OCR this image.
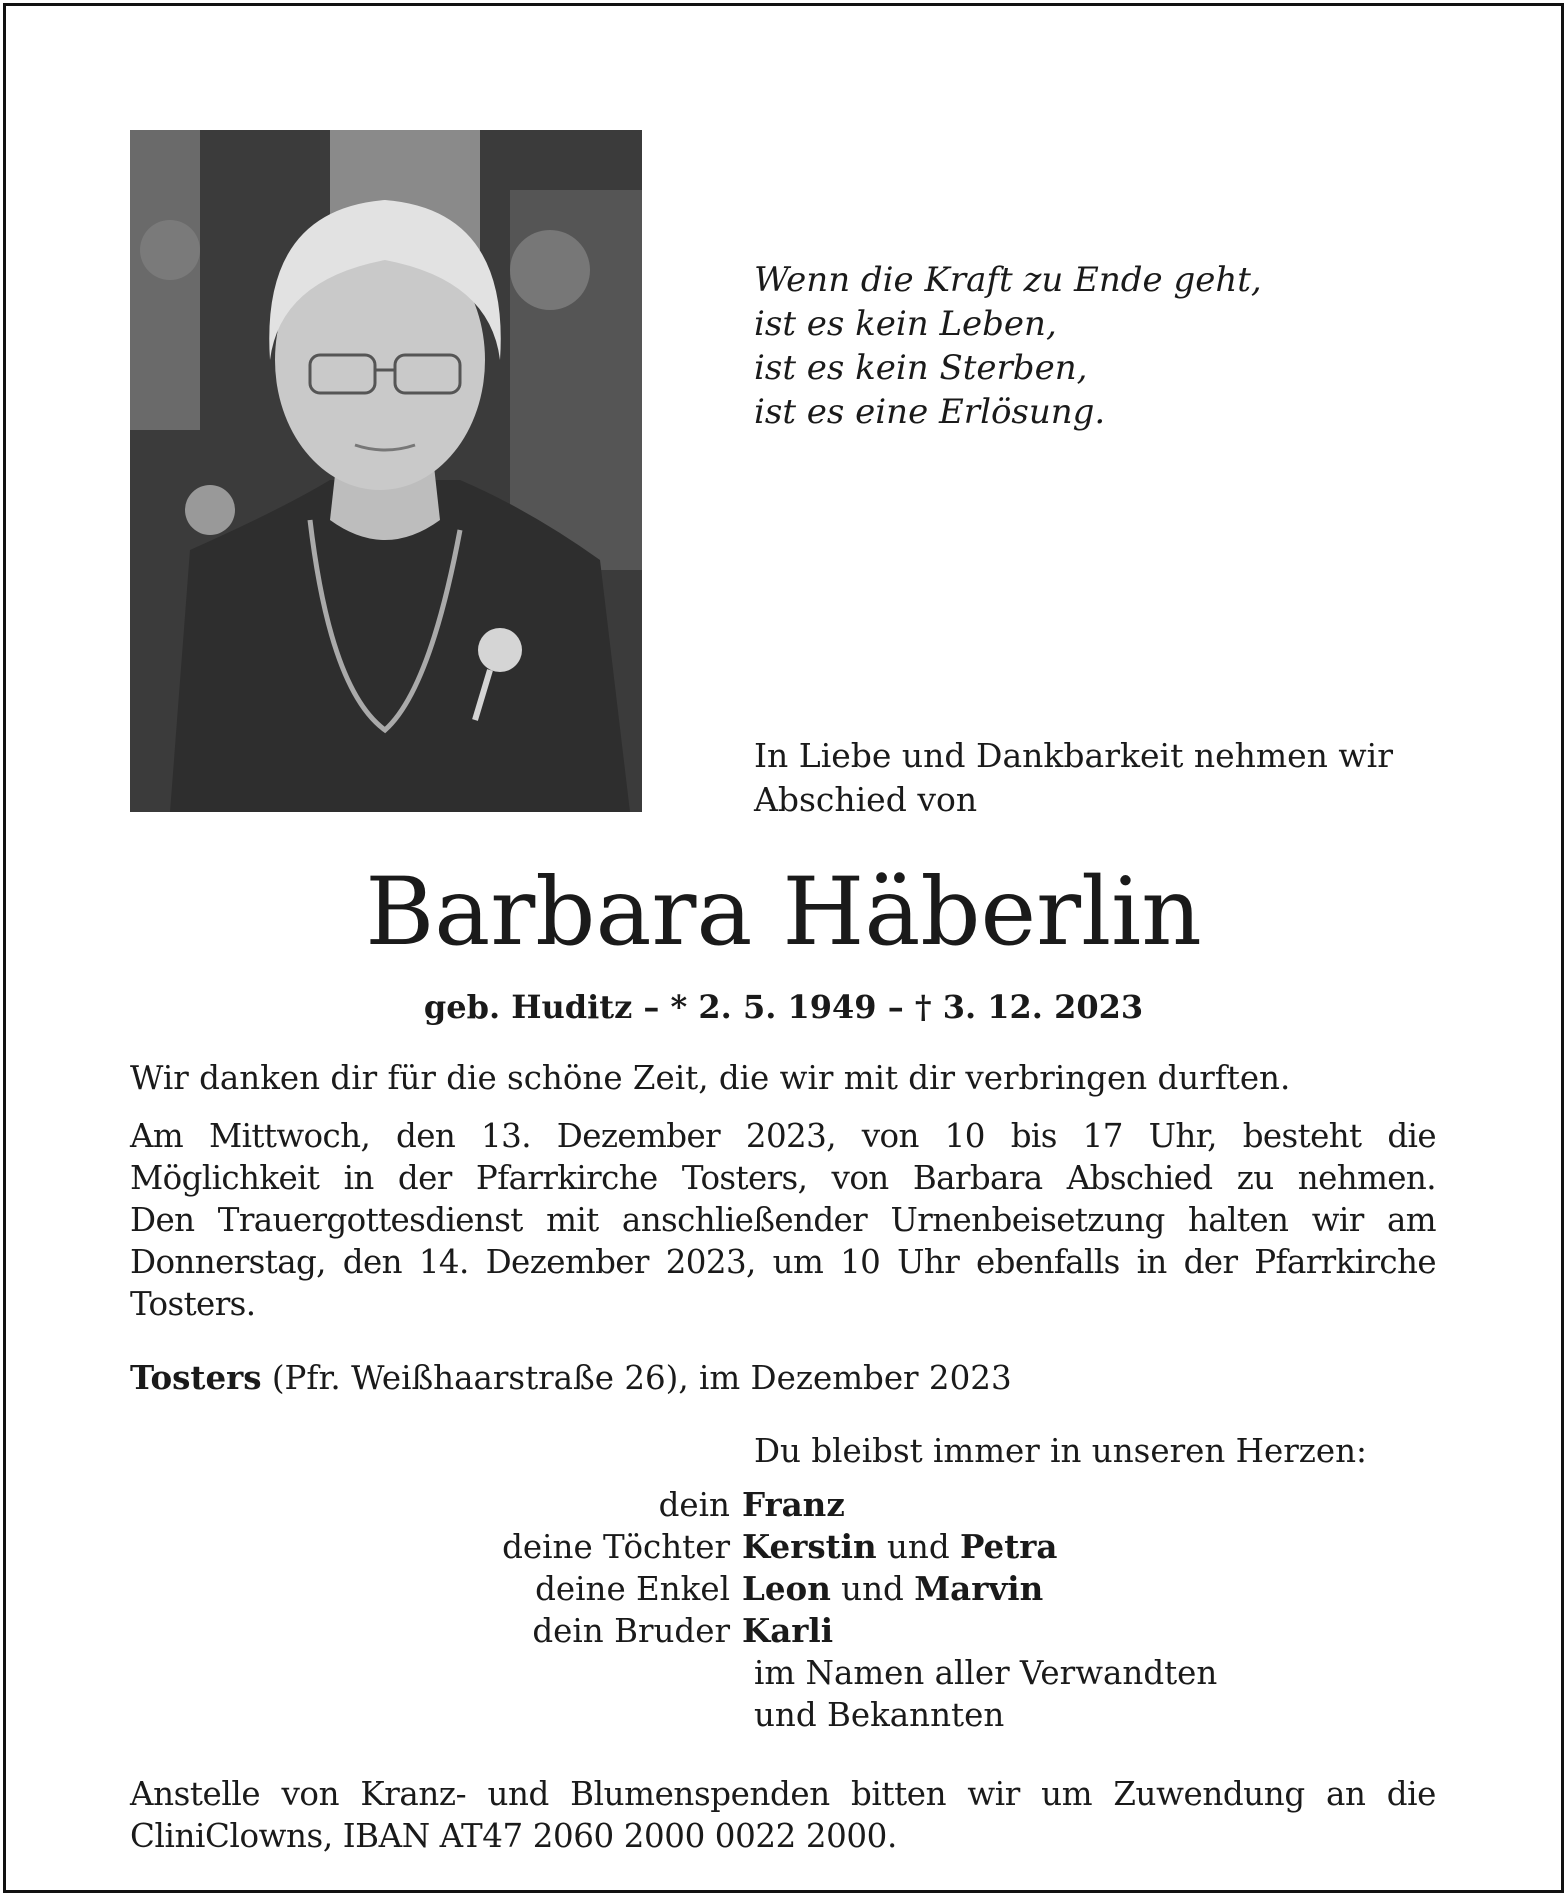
Wenn die Kraft zu Ende geht,
ist es kein Leben,
ist es kein Sterben,
ist es eine Erlösung.
In Liebe und Dankbarkeit nehmen wir Abschied von
Barbara Häberlin
geb. Huditz – * 2. 5. 1949 – † 3. 12. 2023
Wir danken dir für die schöne Zeit, die wir mit dir verbringen durften.
Am Mittwoch, den 13. Dezember 2023, von 10 bis 17 Uhr, besteht die
Möglichkeit in der Pfarrkirche Tosters, von Barbara Abschied zu nehmen.
Den Trauergottesdienst mit anschließender Urnenbeisetzung halten wir am
Donnerstag, den 14. Dezember 2023, um 10 Uhr ebenfalls in der Pfarrkirche
Tosters.
Tosters (Pfr. Weißhaarstraße 26), im Dezember 2023
Du bleibst immer in unseren Herzen:
dein Franz
deine Töchter Kerstin und Petra
deine Enkel Leon und Marvin
dein Bruder Karli
im Namen aller Verwandten
und Bekannten
Anstelle von Kranz- und Blumenspenden bitten wir um Zuwendung an die
CliniClowns, IBAN AT47 2060 2000 0022 2000.
